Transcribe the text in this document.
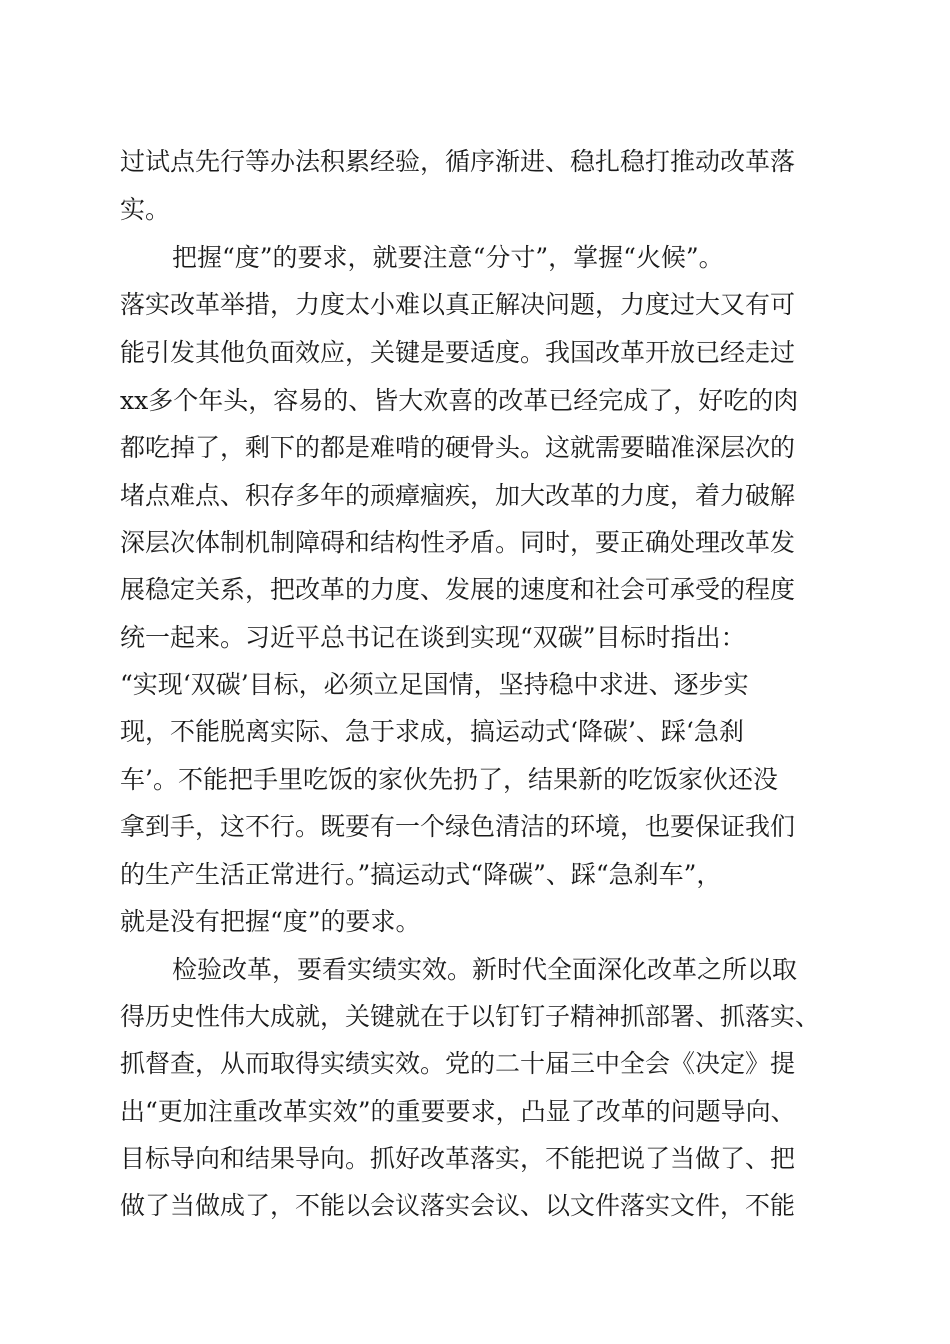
过试点先行等办法积累经验，循序渐进、稳扎稳打推动改革落
实。
把握“度”的要求，就要注意“分寸”，掌握“火候”。
落实改革举措，力度太小难以真正解决问题，力度过大又有可
能引发其他负面效应，关键是要适度。我国改革开放已经走过
xx多个年头，容易的、皆大欢喜的改革已经完成了，好吃的肉
都吃掉了，剩下的都是难啃的硬骨头。这就需要瞄准深层次的
堵点难点、积存多年的顽瘴痼疾，加大改革的力度，着力破解
深层次体制机制障碍和结构性矛盾。同时，要正确处理改革发
展稳定关系，把改革的力度、发展的速度和社会可承受的程度
统一起来。习近平总书记在谈到实现“双碳”目标时指出：
“实现‘双碳’目标，必须立足国情，坚持稳中求进、逐步实
现，不能脱离实际、急于求成，搞运动式‘降碳’、踩‘急刹
车’。不能把手里吃饭的家伙先扔了，结果新的吃饭家伙还没
拿到手，这不行。既要有一个绿色清洁的环境，也要保证我们
的生产生活正常进行。”搞运动式“降碳”、踩“急刹车”，
就是没有把握“度”的要求。
检验改革，要看实绩实效。新时代全面深化改革之所以取
得历史性伟大成就，关键就在于以钉钉子精神抓部署、抓落实、
抓督查，从而取得实绩实效。党的二十届三中全会《决定》提
出“更加注重改革实效”的重要要求，凸显了改革的问题导向、
目标导向和结果导向。抓好改革落实，不能把说了当做了、把
做了当做成了，不能以会议落实会议、以文件落实文件，不能
